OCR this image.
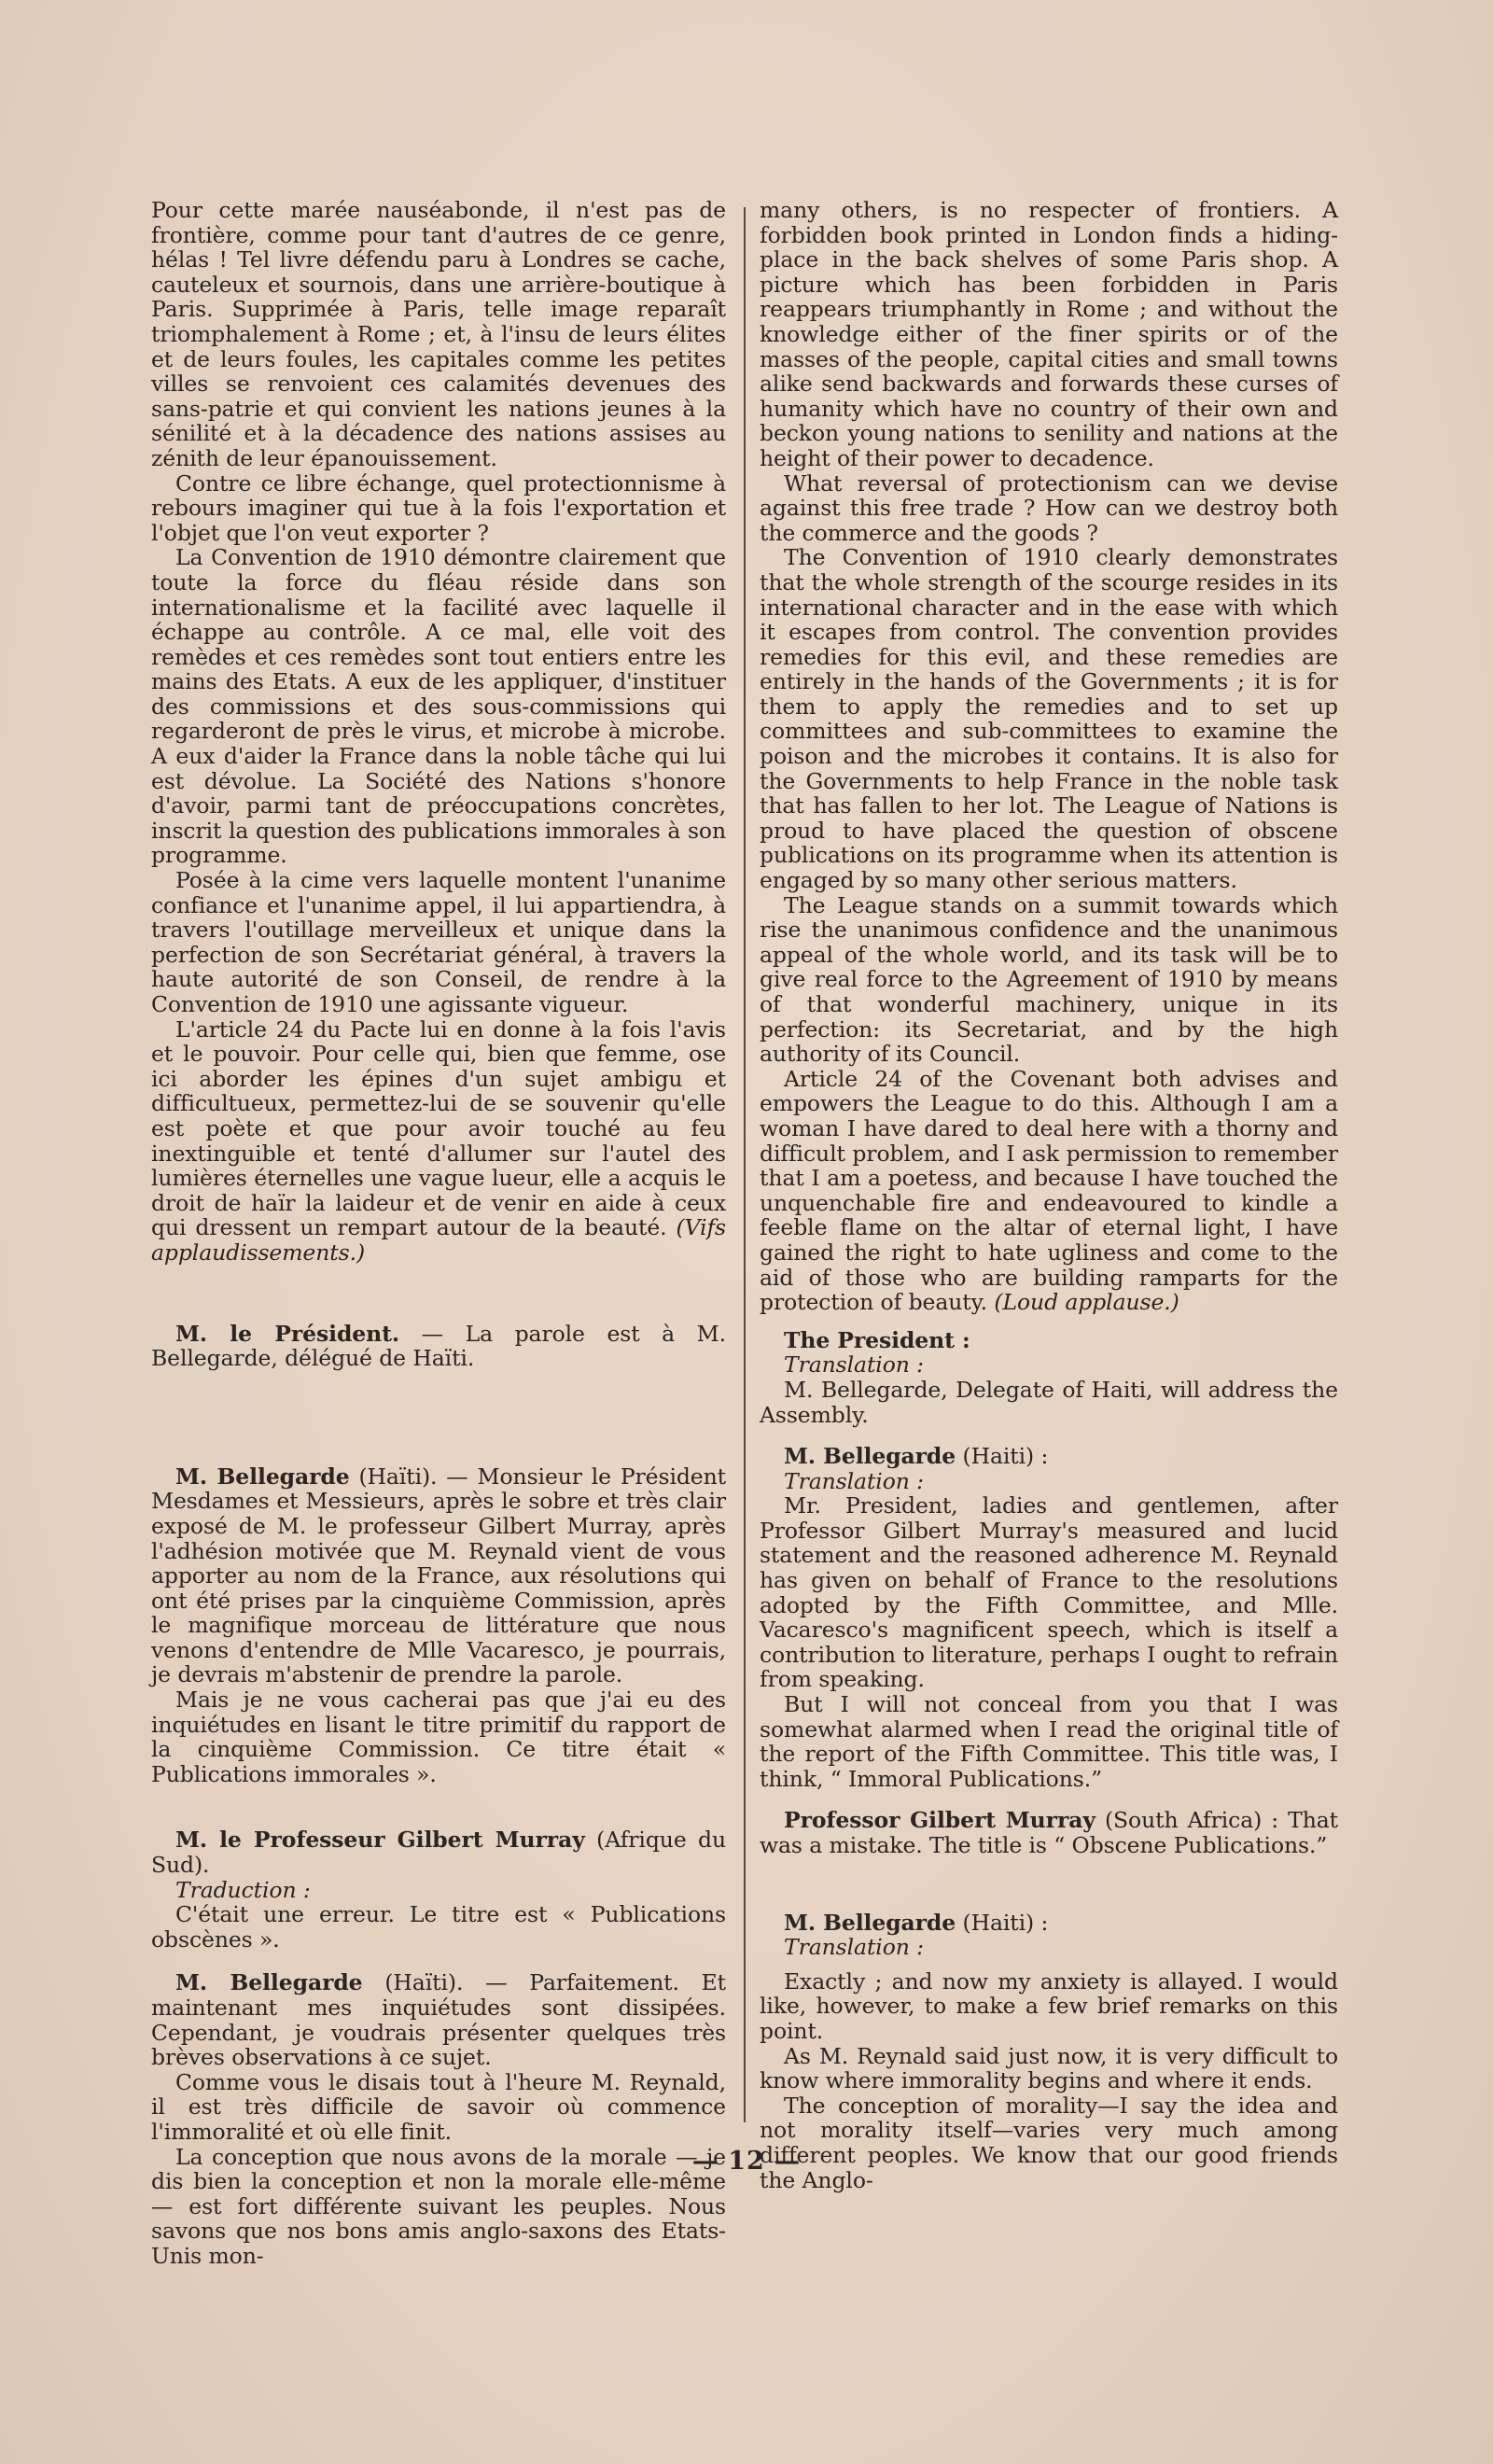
Pour cette marée nauséabonde, il n'est pas de frontière, comme pour tant d'autres de ce genre, hélas ! Tel livre défendu paru à Londres se cache, cauteleux et sournois, dans une arrière-boutique à Paris. Supprimée à Paris, telle image reparaît triomphalement à Rome ; et, à l'insu de leurs élites et de leurs foules, les capitales comme les petites villes se renvoient ces calamités devenues des sans-patrie et qui convient les nations jeunes à la sénilité et à la décadence des nations assises au zénith de leur épanouissement.

Contre ce libre échange, quel protectionnisme à rebours imaginer qui tue à la fois l'exportation et l'objet que l'on veut exporter ?

La Convention de 1910 démontre clairement que toute la force du fléau réside dans son internationalisme et la facilité avec laquelle il échappe au contrôle. A ce mal, elle voit des remèdes et ces remèdes sont tout entiers entre les mains des Etats. A eux de les appliquer, d'instituer des commissions et des sous-commissions qui regarderont de près le virus, et microbe à microbe. A eux d'aider la France dans la noble tâche qui lui est dévolue. La Société des Nations s'honore d'avoir, parmi tant de préoccupations concrètes, inscrit la question des publications immorales à son programme.

Posée à la cime vers laquelle montent l'unanime confiance et l'unanime appel, il lui appartiendra, à travers l'outillage merveilleux et unique dans la perfection de son Secrétariat général, à travers la haute autorité de son Conseil, de rendre à la Convention de 1910 une agissante vigueur.

L'article 24 du Pacte lui en donne à la fois l'avis et le pouvoir. Pour celle qui, bien que femme, ose ici aborder les épines d'un sujet ambigu et difficultueux, permettez-lui de se souvenir qu'elle est poète et que pour avoir touché au feu inextinguible et tenté d'allumer sur l'autel des lumières éternelles une vague lueur, elle a acquis le droit de haïr la laideur et de venir en aide à ceux qui dressent un rempart autour de la beauté. (Vifs applaudissements.)

M. le Président. — La parole est à M. Bellegarde, délégué de Haïti.

M. Bellegarde (Haïti). — Monsieur le Président Mesdames et Messieurs, après le sobre et très clair exposé de M. le professeur Gilbert Murray, après l'adhésion motivée que M. Reynald vient de vous apporter au nom de la France, aux résolutions qui ont été prises par la cinquième Commission, après le magnifique morceau de littérature que nous venons d'entendre de Mlle Vacaresco, je pourrais, je devrais m'abstenir de prendre la parole.

Mais je ne vous cacherai pas que j'ai eu des inquiétudes en lisant le titre primitif du rapport de la cinquième Commission. Ce titre était « Publications immorales ».

M. le Professeur Gilbert Murray (Afrique du Sud).

Traduction :

C'était une erreur. Le titre est « Publications obscènes ».

M. Bellegarde (Haïti). — Parfaitement. Et maintenant mes inquiétudes sont dissipées. Cependant, je voudrais présenter quelques très brèves observations à ce sujet.

Comme vous le disais tout à l'heure M. Reynald, il est très difficile de savoir où commence l'immoralité et où elle finit.

La conception que nous avons de la morale — je dis bien la conception et non la morale elle-même — est fort différente suivant les peuples. Nous savons que nos bons amis anglo-saxons des Etats-Unis mon-

many others, is no respecter of frontiers. A forbidden book printed in London finds a hiding-place in the back shelves of some Paris shop. A picture which has been forbidden in Paris reappears triumphantly in Rome ; and without the knowledge either of the finer spirits or of the masses of the people, capital cities and small towns alike send backwards and forwards these curses of humanity which have no country of their own and beckon young nations to senility and nations at the height of their power to decadence.

What reversal of protectionism can we devise against this free trade ? How can we destroy both the commerce and the goods ?

The Convention of 1910 clearly demonstrates that the whole strength of the scourge resides in its international character and in the ease with which it escapes from control. The convention provides remedies for this evil, and these remedies are entirely in the hands of the Governments ; it is for them to apply the remedies and to set up committees and sub-committees to examine the poison and the microbes it contains. It is also for the Governments to help France in the noble task that has fallen to her lot. The League of Nations is proud to have placed the question of obscene publications on its programme when its attention is engaged by so many other serious matters.

The League stands on a summit towards which rise the unanimous confidence and the unanimous appeal of the whole world, and its task will be to give real force to the Agreement of 1910 by means of that wonderful machinery, unique in its perfection: its Secretariat, and by the high authority of its Council.

Article 24 of the Covenant both advises and empowers the League to do this. Although I am a woman I have dared to deal here with a thorny and difficult problem, and I ask permission to remember that I am a poetess, and because I have touched the unquenchable fire and endeavoured to kindle a feeble flame on the altar of eternal light, I have gained the right to hate ugliness and come to the aid of those who are building ramparts for the protection of beauty. (Loud applause.)

The President :

Translation :

M. Bellegarde, Delegate of Haiti, will address the Assembly.

M. Bellegarde (Haiti) :

Translation :

Mr. President, ladies and gentlemen, after Professor Gilbert Murray's measured and lucid statement and the reasoned adherence M. Reynald has given on behalf of France to the resolutions adopted by the Fifth Committee, and Mlle. Vacaresco's magnificent speech, which is itself a contribution to literature, perhaps I ought to refrain from speaking.

But I will not conceal from you that I was somewhat alarmed when I read the original title of the report of the Fifth Committee. This title was, I think, “ Immoral Publications.”

Professor Gilbert Murray (South Africa) : That was a mistake. The title is “ Obscene Publications.”

M. Bellegarde (Haiti) :

Translation :

Exactly ; and now my anxiety is allayed. I would like, however, to make a few brief remarks on this point.

As M. Reynald said just now, it is very difficult to know where immorality begins and where it ends.

The conception of morality—I say the idea and not morality itself—varies very much among different peoples. We know that our good friends the Anglo-

— 12 —
